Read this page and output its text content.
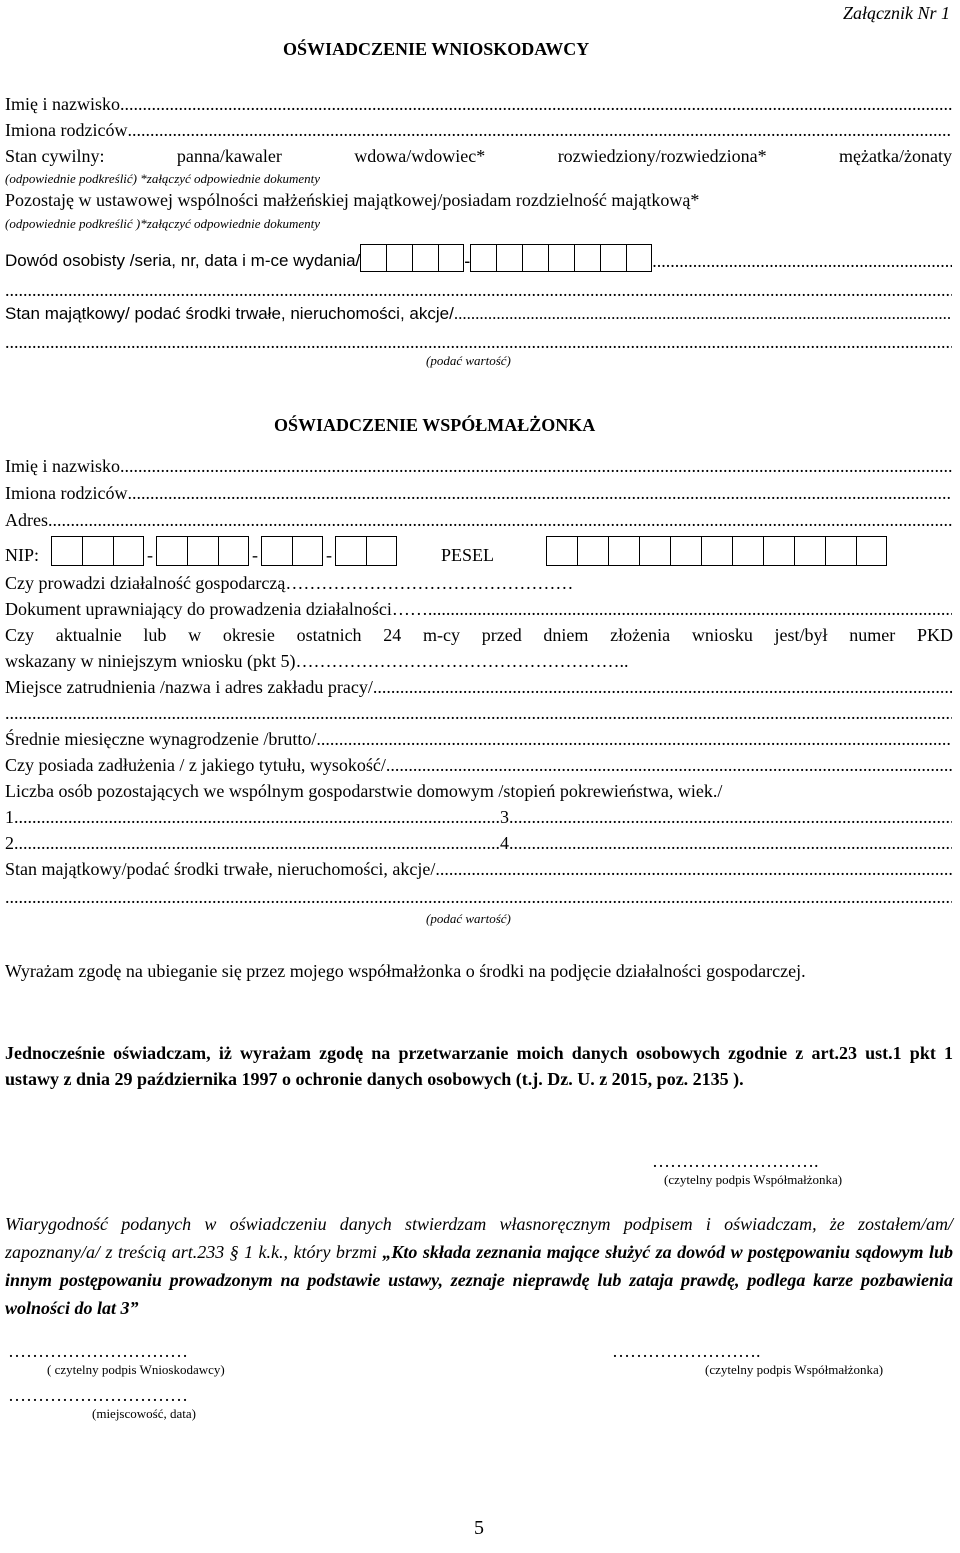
Załącznik Nr 1
OŚWIADCZENIE WNIOSKODAWCY
Imię i nazwisko
.....
Imiona rodziców
.....
Stan cywilny:	panna/kawaler	wdowa/wdowiec*	rozwiedziony/rozwiedziona*	mężatka/żonaty
(odpowiednie podkreślić) *załączyć odpowiednie dokumenty
Pozostaję w ustawowej wspólności małżeńskiej majątkowej/posiadam rozdzielność majątkową*
(odpowiednie podkreślić )*załączyć odpowiednie dokumenty
Dowód osobisty /seria, nr, data i m-ce wydania/	-
.....
.....
Stan majątkowy/ podać środki trwałe, nieruchomości, akcje/
.....
.....
(podać wartość)
OŚWIADCZENIE WSPÓŁMAŁŻONKA
Imię i nazwisko
.....
Imiona rodziców
.....
Adres
.....
NIP:	-	-	-	PESEL
Czy prowadzi działalność gospodarczą…………………………………………
Dokument uprawniający do prowadzenia działalności……
.....
Czy aktualnie lub w okresie ostatnich 24 m-cy przed dniem złożenia wniosku jest/był numer PKD
wskazany w niniejszym wniosku (pkt 5)………………………………………………..
Miejsce zatrudnienia /nazwa i adres zakładu pracy/
.....
.....
Średnie miesięczne wynagrodzenie /brutto/
.....
Czy posiada zadłużenia / z jakiego tytułu, wysokość/
.....
Liczba osób pozostających we wspólnym gospodarstwie domowym /stopień pokrewieństwa, wiek./
1 ............................................................................................................ 3
.....
2 ............................................................................................................ 4
.....
Stan majątkowy/podać środki trwałe, nieruchomości, akcje/
.....
.....
(podać wartość)
Wyrażam zgodę na ubieganie się przez mojego współmałżonka o środki na podjęcie działalności gospodarczej.
Jednocześnie oświadczam, iż wyrażam zgodę na przetwarzanie moich danych osobowych zgodnie z art.23 ust.1 pkt 1 ustawy z dnia 29 października 1997 o ochronie danych osobowych (t.j. Dz. U. z 2015, poz. 2135 ).
……………………….
(czytelny podpis Współmałżonka)
Wiarygodność podanych w oświadczeniu danych stwierdzam własnoręcznym podpisem i oświadczam, że zostałem/am/ zapoznany/a/ z treścią art.233 § 1 k.k., który brzmi „Kto składa zeznania mające służyć za dowód w postępowaniu sądowym lub innym postępowaniu prowadzonym na podstawie ustawy, zeznaje nieprawdę lub zataja prawdę, podlega karze pozbawienia wolności do lat 3”
…………………………
( czytelny podpis Wnioskodawcy)
…………………….
(czytelny podpis Współmałżonka)
…………………………
(miejscowość, data)
5
